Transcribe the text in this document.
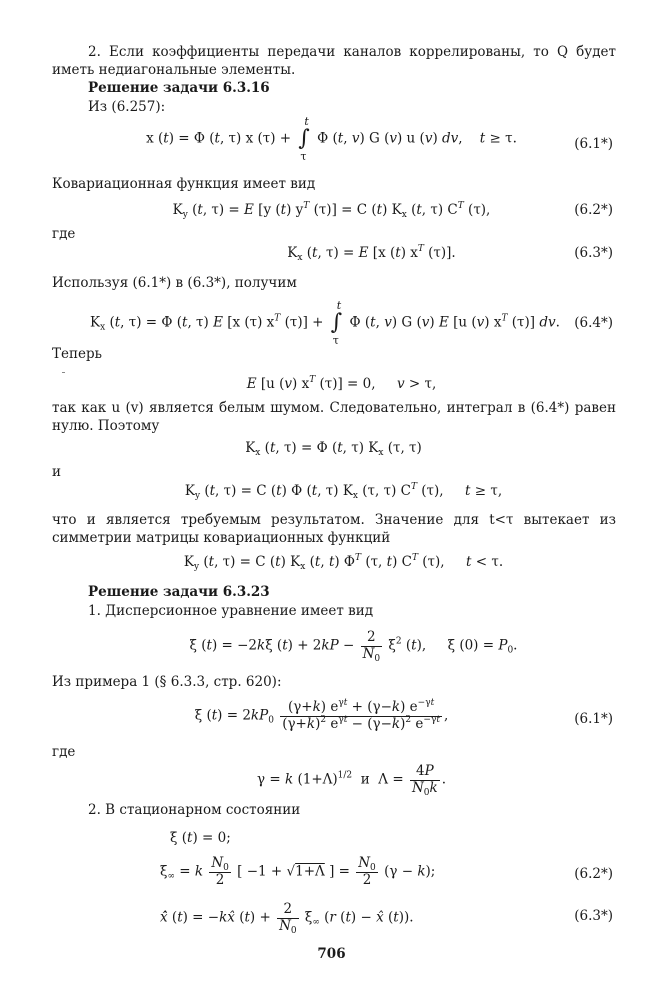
2. Если коэффициенты передачи каналов коррелированы, то Q будет иметь недиагональные элементы.
Решение задачи 6.3.16
Из (6.257):
x (t) = Φ (t, τ) x (τ) + ∫
t
τ
Φ (t, v) G (v) u (v) dv,    t ≥ τ.	(6.1*)
Ковариационная функция имеет вид
$K_y$ (t, τ) = E [y (t) $y^T$ (τ)] = C (t) $K_x$ (t, τ) $C^T$ (τ),	(6.2*)
где
$K_x$ (t, τ) = E [x (t) $x^T$ (τ)].	(6.3*)
Используя (6.1*) в (6.3*), получим
$K_x$ (t, τ) = Φ (t, τ) E [x (τ) $x^T$ (τ)] + ∫
t
τ
Φ (t, v) G (v) E [u (v) $x^T$ (τ)] dv. (6.4*)
Теперь
E [u (v) $x^T$ (τ)] = 0,     v > τ,
так как u (v) является белым шумом. Следовательно, интеграл в (6.4*) равен нулю. Поэтому
$K_x$ (t, τ) = Φ (t, τ) $K_x$ (τ, τ)
и
$K_y$ (t, τ) = C (t) Φ (t, τ) $K_x$ (τ, τ) $C^T$ (τ),     t ≥ τ,
что и является требуемым результатом. Значение для t<τ вытекает из симметрии матрицы ковариационных функций
$K_y$ (t, τ) = C (t) $K_x$ (t, t) $\Phi^T$ (τ, t) $C^T$ (τ),     t < τ.
Решение задачи 6.3.23
1. Дисперсионное уравнение имеет вид
ξ̇ (t) = −2kξ $(t) + 2kP - \frac{2}{N_0} \xi^2$ (t),     ξ $(0) = P_0$.
Из примера 1 (§ 6.3.3, стр. 620):
ξ $(t) = 2kP_0 \frac{(\gamma+k) e^{\gamma t} + (\gamma-k) e^{-\gamma t}}{(\gamma+k)^2 e^{\gamma t} - (\gamma-k)^2 e^{-\gamma t}}$ ,	(6.1*)
где
γ = k $(1+\Lambda)^{1/2}$  и  $\Lambda = \frac{4P}{N_0k}$ .
2. В стационарном состоянии
ξ̇ (t) = 0;
$\xi_\infty = k \frac{N_0}{2}$ [ −1 + √1+Λ ] = $\frac{N_0}{2} (\gamma - k)$;	(6.2*)
x̂̇ (t) = −kx̂ $(t) + \frac{2}{N_0} \xi_\infty$ (r (t) − x̂ (t)).	(6.3*)
706
